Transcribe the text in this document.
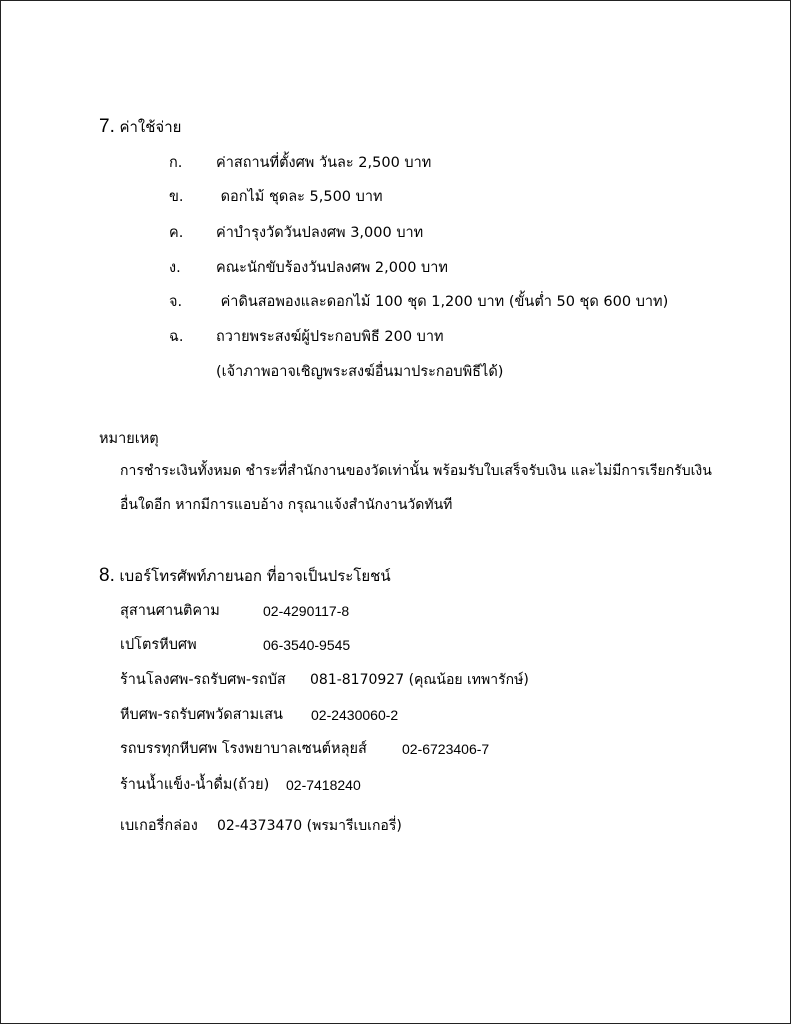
7. ค่าใช้จ่าย
ก. ค่าสถานที่ตั้งศพ วันละ 2,500 บาท
ข. ดอกไม้ ชุดละ 5,500 บาท
ค. ค่าบำรุงวัดวันปลงศพ 3,000 บาท
ง. คณะนักขับร้องวันปลงศพ 2,000 บาท
จ. ค่าดินสอพองและดอกไม้ 100 ชุด 1,200 บาท (ขั้นต่ำ 50 ชุด 600 บาท)
ฉ. ถวายพระสงฆ์ผู้ประกอบพิธี 200 บาท
(เจ้าภาพอาจเชิญพระสงฆ์อื่นมาประกอบพิธีได้)
หมายเหตุ
การชำระเงินทั้งหมด ชำระที่สำนักงานของวัดเท่านั้น พร้อมรับใบเสร็จรับเงิน และไม่มีการเรียกรับเงิน
อื่นใดอีก หากมีการแอบอ้าง กรุณาแจ้งสำนักงานวัดทันที
8. เบอร์โทรศัพท์ภายนอก ที่อาจเป็นประโยชน์
สุสานศานติคาม	02-4290117-8
เปโตรหีบศพ	06-3540-9545
ร้านโลงศพ-รถรับศพ-รถบัส 081-8170927 (คุณน้อย เทพารักษ์)
หีบศพ-รถรับศพวัดสามเสน 02-2430060-2
รถบรรทุกหีบศพ โรงพยาบาลเซนต์หลุยส์	02-6723406-7
ร้านน้ำแข็ง-น้ำดื่ม(ถ้วย) 02-7418240
เบเกอรี่กล่อง 02-4373470 (พรมารีเบเกอรี่)
